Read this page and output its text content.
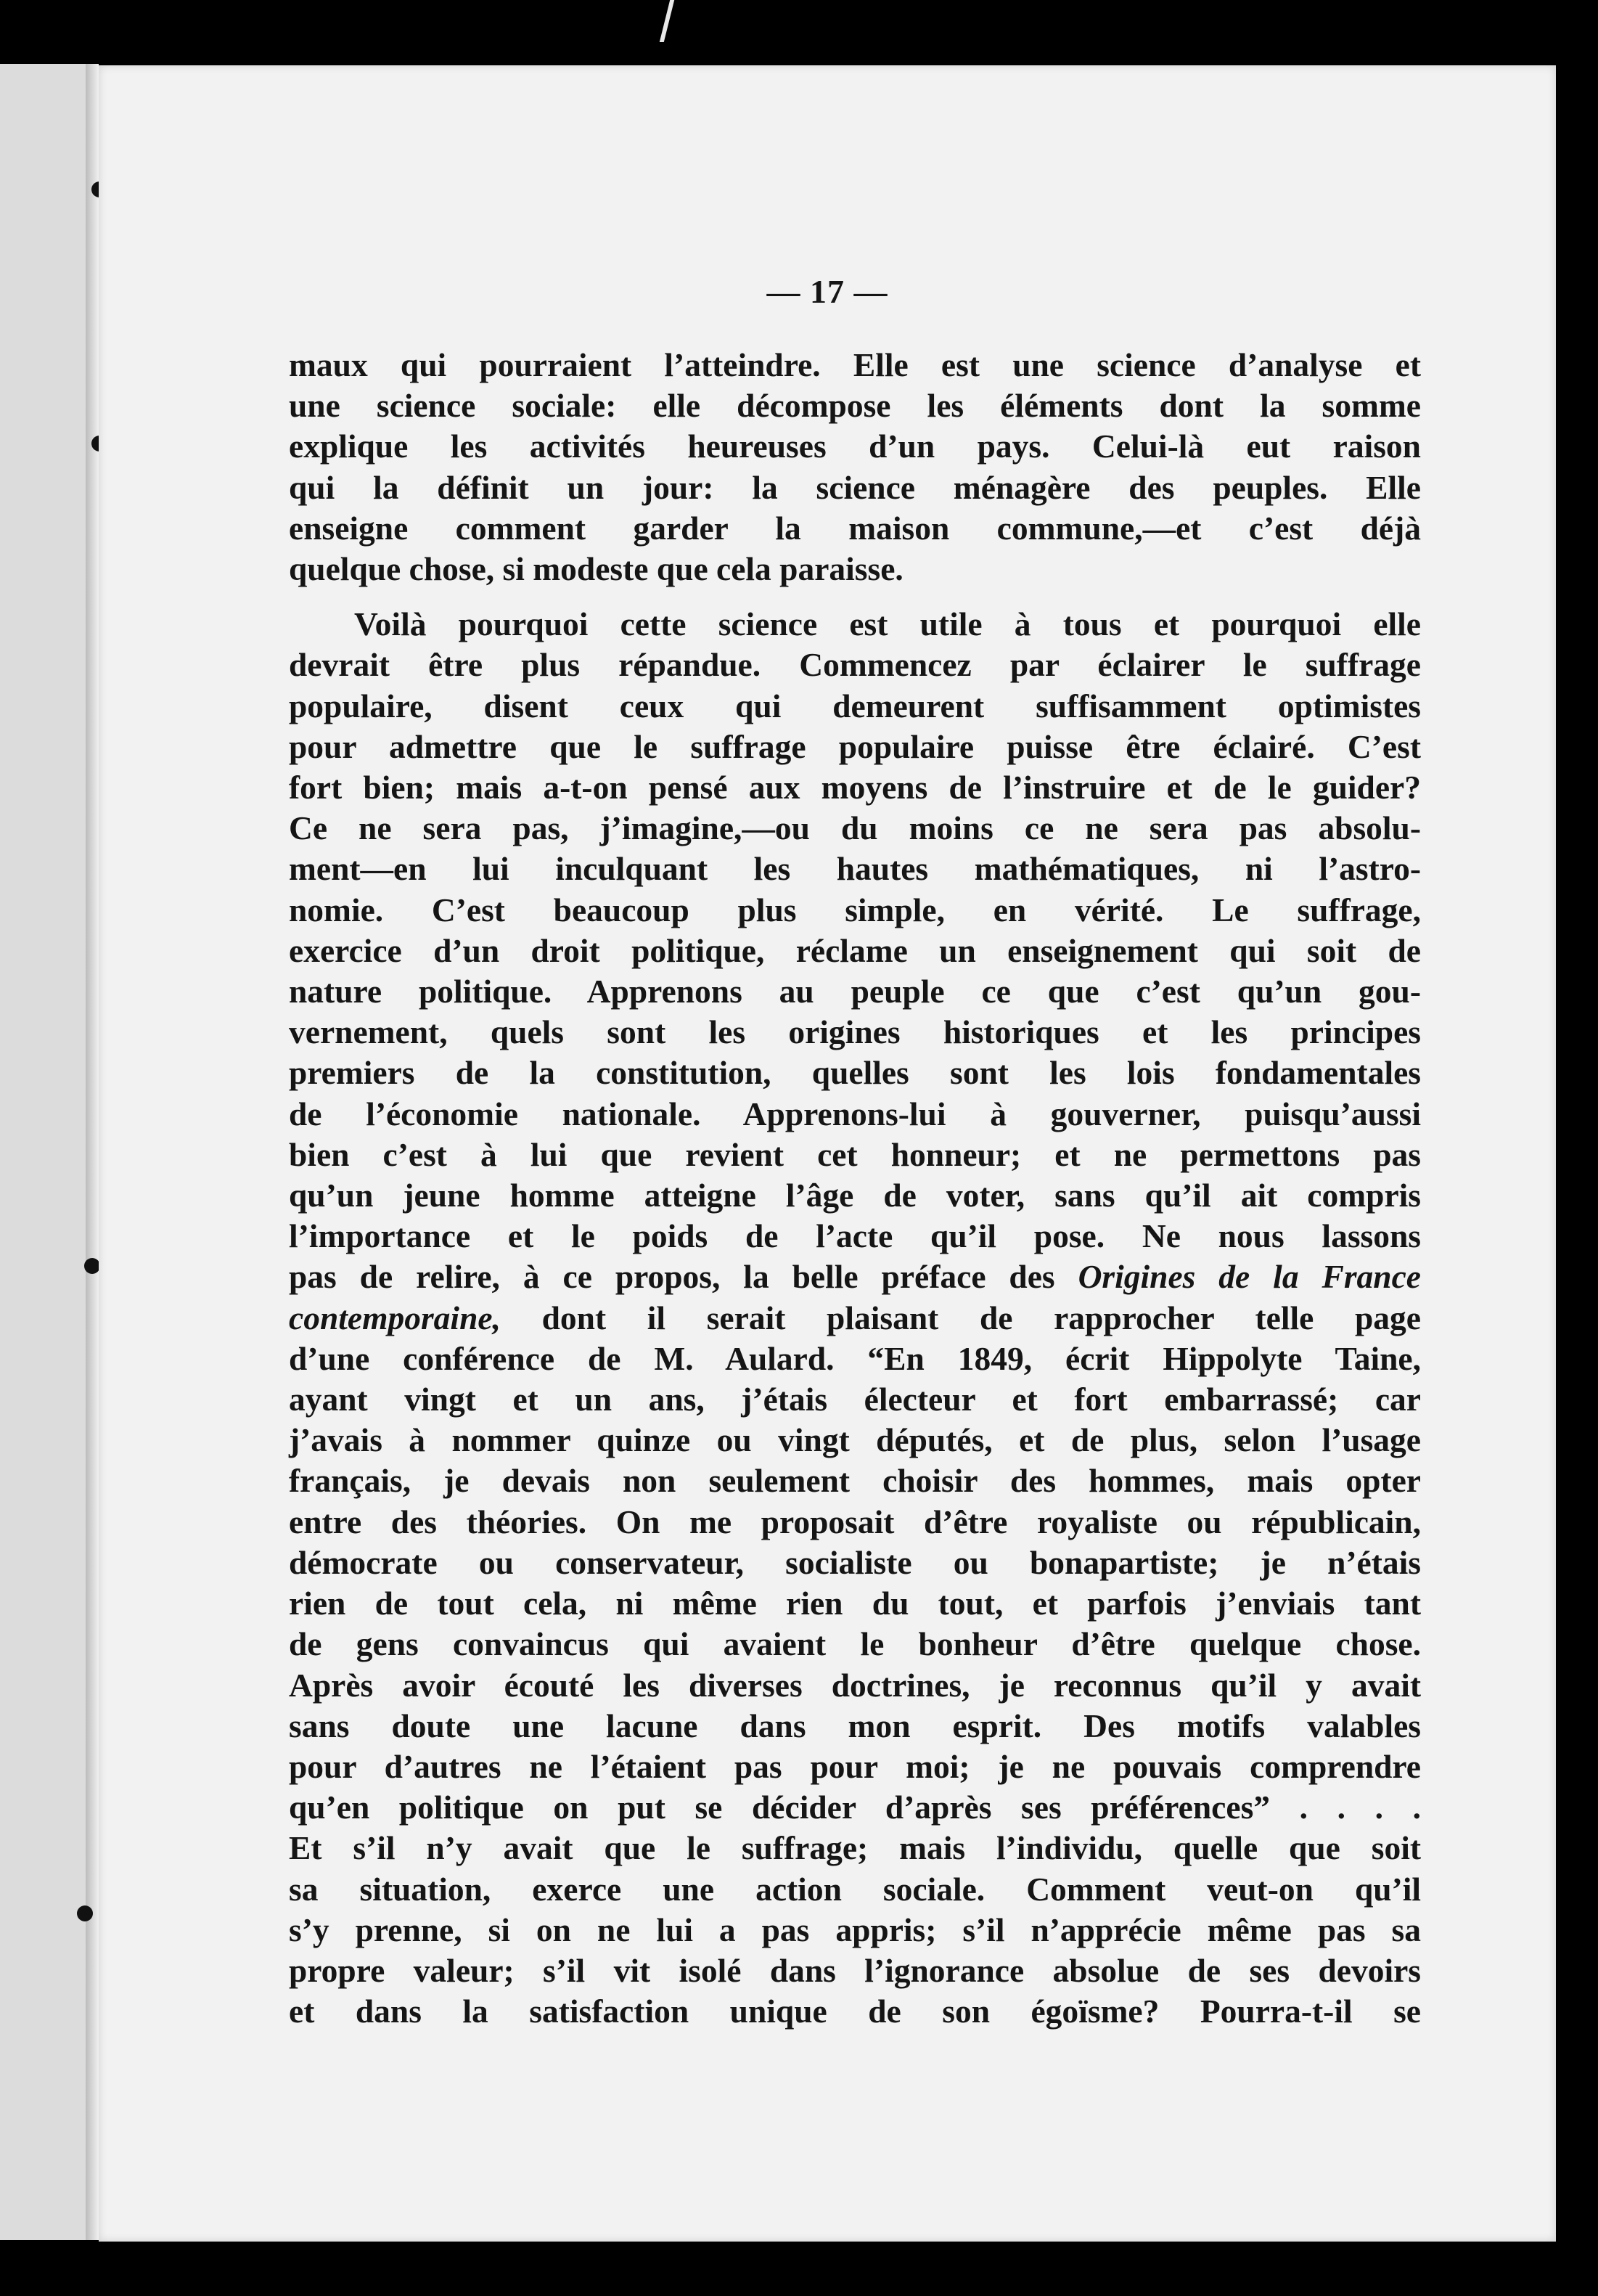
— 17 —
maux qui pourraient l’atteindre. Elle est une science d’analyse et
une science sociale: elle décompose les éléments dont la somme
explique les activités heureuses d’un pays. Celui-là eut raison
qui la définit un jour: la science ménagère des peuples. Elle
enseigne comment garder la maison commune,—et c’est déjà
quelque chose, si modeste que cela paraisse.
Voilà pourquoi cette science est utile à tous et pourquoi elle
devrait être plus répandue. Commencez par éclairer le suffrage
populaire, disent ceux qui demeurent suffisamment optimistes
pour admettre que le suffrage populaire puisse être éclairé. C’est
fort bien; mais a-t-on pensé aux moyens de l’instruire et de le guider?
Ce ne sera pas, j’imagine,—ou du moins ce ne sera pas absolu-
ment—en lui inculquant les hautes mathématiques, ni l’astro-
nomie. C’est beaucoup plus simple, en vérité. Le suffrage,
exercice d’un droit politique, réclame un enseignement qui soit de
nature politique. Apprenons au peuple ce que c’est qu’un gou-
vernement, quels sont les origines historiques et les principes
premiers de la constitution, quelles sont les lois fondamentales
de l’économie nationale. Apprenons-lui à gouverner, puisqu’aussi
bien c’est à lui que revient cet honneur; et ne permettons pas
qu’un jeune homme atteigne l’âge de voter, sans qu’il ait compris
l’importance et le poids de l’acte qu’il pose. Ne nous lassons
pas de relire, à ce propos, la belle préface des Origines de la France
contemporaine, dont il serait plaisant de rapprocher telle page
d’une conférence de M. Aulard. “En 1849, écrit Hippolyte Taine,
ayant vingt et un ans, j’étais électeur et fort embarrassé; car
j’avais à nommer quinze ou vingt députés, et de plus, selon l’usage
français, je devais non seulement choisir des hommes, mais opter
entre des théories. On me proposait d’être royaliste ou républicain,
démocrate ou conservateur, socialiste ou bonapartiste; je n’étais
rien de tout cela, ni même rien du tout, et parfois j’enviais tant
de gens convaincus qui avaient le bonheur d’être quelque chose.
Après avoir écouté les diverses doctrines, je reconnus qu’il y avait
sans doute une lacune dans mon esprit. Des motifs valables
pour d’autres ne l’étaient pas pour moi; je ne pouvais comprendre
qu’en politique on put se décider d’après ses préférences” . . . .
Et s’il n’y avait que le suffrage; mais l’individu, quelle que soit
sa situation, exerce une action sociale. Comment veut-on qu’il
s’y prenne, si on ne lui a pas appris; s’il n’apprécie même pas sa
propre valeur; s’il vit isolé dans l’ignorance absolue de ses devoirs
et dans la satisfaction unique de son égoïsme? Pourra-t-il se
